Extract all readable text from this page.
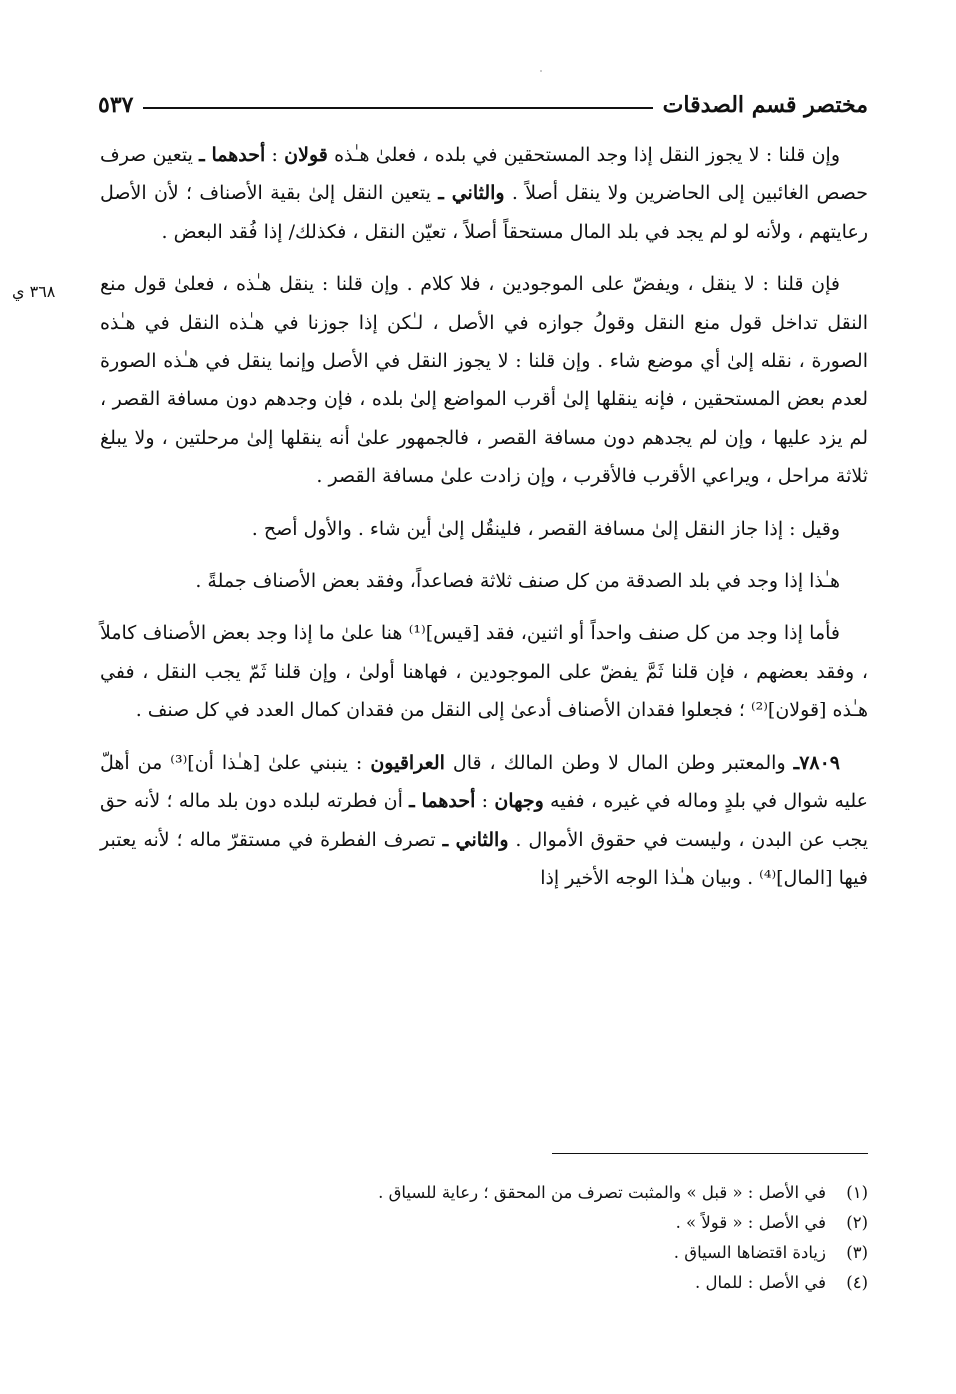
مختصر قسم الصدقات
٥٣٧
٣٦٨ ي

وإن قلنا : لا يجوز النقل إذا وجد المستحقين في بلده ، فعلىٰ هـٰذه قولان : أحدهما ـ يتعين صرف حصص الغائبين إلى الحاضرين ولا ينقل أصلاً . والثاني ـ يتعين النقل إلىٰ بقية الأصناف ؛ لأن الأصل رعايتهم ، ولأنه لو لم يجد في بلد المال مستحقاً أصلاً ، تعيّن النقل ، فكذلك/ إذا فُقد البعض .

فإن قلنا : لا ينقل ، ويفضّ على الموجودين ، فلا كلام . وإن قلنا : ينقل هـٰذه ، فعلىٰ قول منع النقل تداخل قول منع النقل وقولُ جوازه في الأصل ، لـٰكن إذا جوزنا في هـٰذه النقل في هـٰذه الصورة ، نقله إلىٰ أي موضع شاء . وإن قلنا : لا يجوز النقل في الأصل وإنما ينقل في هـٰذه الصورة لعدم بعض المستحقين ، فإنه ينقلها إلىٰ أقرب المواضع إلىٰ بلده ، فإن وجدهم دون مسافة القصر ، لم يزد عليها ، وإن لم يجدهم دون مسافة القصر ، فالجمهور علىٰ أنه ينقلها إلىٰ مرحلتين ، ولا يبلغ ثلاثة مراحل ، ويراعي الأقرب فالأقرب ، وإن زادت علىٰ مسافة القصر .

وقيل : إذا جاز النقل إلىٰ مسافة القصر ، فلينقُل إلىٰ أين شاء . والأول أصح .

هـٰذا إذا وجد في بلد الصدقة من كل صنف ثلاثة فصاعداً، وفقد بعض الأصناف جملةً .

فأما إذا وجد من كل صنف واحداً أو اثنين، فقد [قيس]⁽¹⁾ هنا علىٰ ما إذا وجد بعض الأصناف كاملاً ، وفقد بعضهم ، فإن قلنا ثَمَّ يفضّ على الموجودين ، فهاهنا أولىٰ ، وإن قلنا ثَمّ يجب النقل ، ففي هـٰذه [قولان]⁽²⁾ ؛ فجعلوا فقدان الأصناف أدعىٰ إلى النقل من فقدان كمال العدد في كل صنف .

٧٨٠٩ـ والمعتبر وطن المال لا وطن المالك ، قال العراقيون : ينبني علىٰ [هـٰذا أن]⁽³⁾ من أهلّ عليه شوال في بلدٍ وماله في غيره ، ففيه وجهان : أحدهما ـ أن فطرته لبلده دون بلد ماله ؛ لأنه حق يجب عن البدن ، وليست في حقوق الأموال . والثاني ـ تصرف الفطرة في مستقرّ ماله ؛ لأنه يعتبر فيها [المال]⁽⁴⁾ . وبيان هـٰذا الوجه الأخير إذا

(١)
في الأصل : « قبل » والمثبت تصرف من المحقق ؛ رعاية للسياق .
(٢)
في الأصل : « قولاً » .
(٣)
زيادة اقتضاها السياق .
(٤)
في الأصل : للمال .
